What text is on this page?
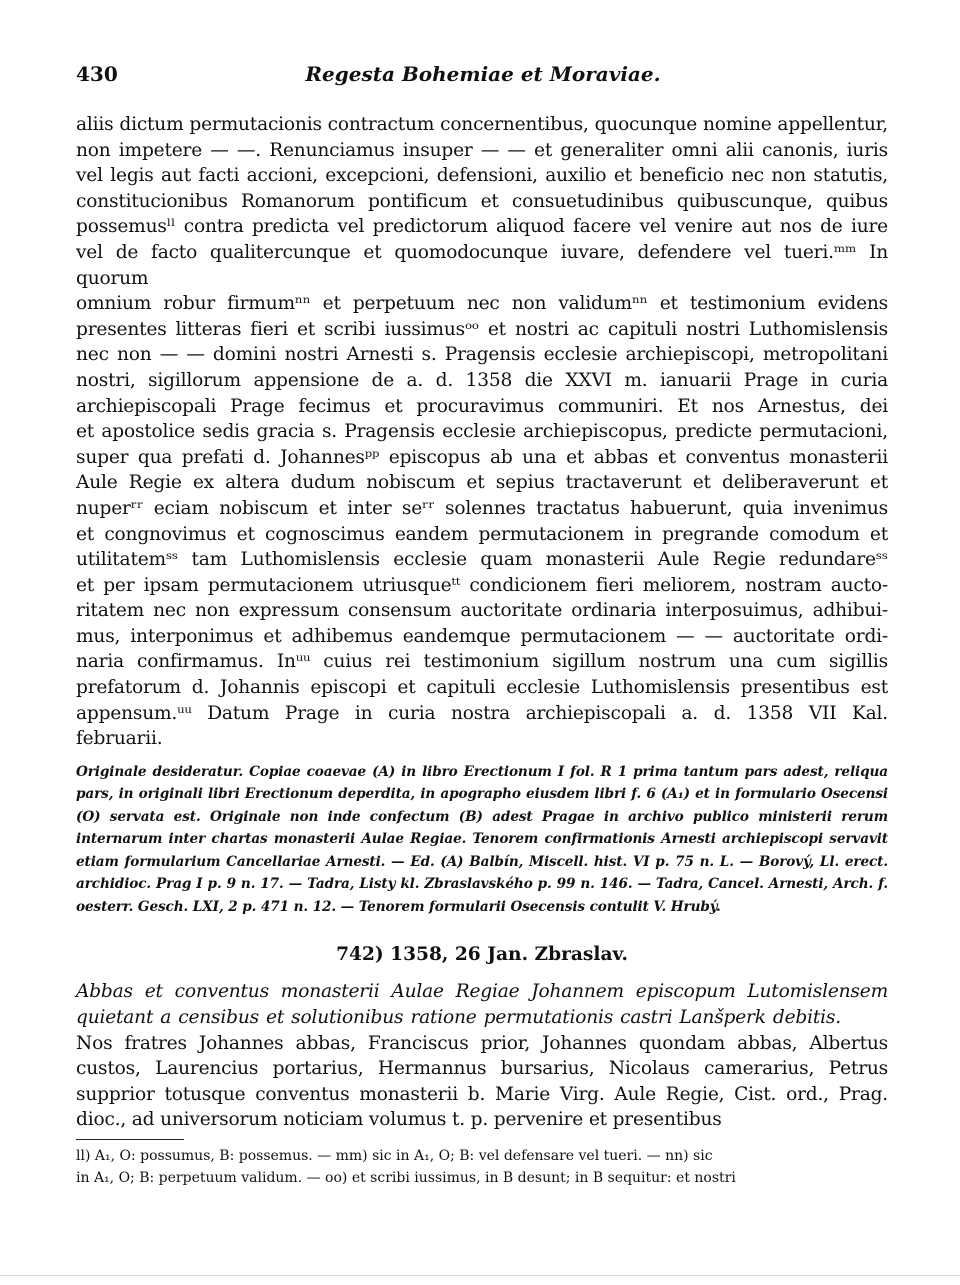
430	Regesta Bohemiae et Moraviae.

aliis dictum permutacionis contractum concernentibus, quocunque nomine appellentur,
non impetere — —. Renunciamus insuper — — et generaliter omni alii canonis, iuris
vel legis aut facti accioni, excepcioni, defensioni, auxilio et beneficio nec non statutis,
constitucionibus Romanorum pontificum et consuetudinibus quibuscunque, quibus
possemusˡˡ contra predicta vel predictorum aliquod facere vel venire aut nos de iure
vel de facto qualitercunque et quomodocunque iuvare, defendere vel tueri.ᵐᵐ In quorum
omnium robur firmumⁿⁿ et perpetuum nec non validumⁿⁿ et testimonium evidens
presentes litteras fieri et scribi iussimusᵒᵒ et nostri ac capituli nostri Luthomislensis
nec non — — domini nostri Arnesti s. Pragensis ecclesie archiepiscopi, metropolitani
nostri, sigillorum appensione de a. d. 1358 die XXVI m. ianuarii Prage in curia
archiepiscopali Prage fecimus et procuravimus communiri. Et nos Arnestus, dei
et apostolice sedis gracia s. Pragensis ecclesie archiepiscopus, predicte permutacioni,
super qua prefati d. Johannesᵖᵖ episcopus ab una et abbas et conventus monasterii
Aule Regie ex altera dudum nobiscum et sepius tractaverunt et deliberaverunt et
nuperʳʳ eciam nobiscum et inter seʳʳ solennes tractatus habuerunt, quia invenimus
et congnovimus et cognoscimus eandem permutacionem in pregrande comodum et
utilitatemˢˢ tam Luthomislensis ecclesie quam monasterii Aule Regie redundareˢˢ
et per ipsam permutacionem utriusqueᵗᵗ condicionem fieri meliorem, nostram aucto-
ritatem nec non expressum consensum auctoritate ordinaria interposuimus, adhibui-
mus, interponimus et adhibemus eandemque permutacionem — — auctoritate ordi-
naria confirmamus. Inᵘᵘ cuius rei testimonium sigillum nostrum una cum sigillis
prefatorum d. Johannis episcopi et capituli ecclesie Luthomislensis presentibus est
appensum.ᵘᵘ Datum Prage in curia nostra archiepiscopali a. d. 1358 VII Kal.
februarii.

Originale desideratur. Copiae coaevae (A) in libro Erectionum I fol. R 1 prima tantum pars adest, reliqua pars, in originali libri Erectionum deperdita, in apographo eiusdem libri f. 6 (A₁) et in formulario Osecensi (O) servata est. Originale non inde confectum (B) adest Pragae in archivo publico ministerii rerum internarum inter chartas monasterii Aulae Regiae. Tenorem confirmationis Arnesti archiepiscopi servavit etiam formularium Cancellariae Arnesti. — Ed. (A) Balbín, Miscell. hist. VI p. 75 n. L. — Borový, Ll. erect. archidioc. Prag I p. 9 n. 17. — Tadra, Listy kl. Zbraslavského p. 99 n. 146. — Tadra, Cancel. Arnesti, Arch. f. oesterr. Gesch. LXI, 2 p. 471 n. 12. — Tenorem formularii Osecensis contulit V. Hrubý.

742) 1358, 26 Jan. Zbraslav.

Abbas et conventus monasterii Aulae Regiae Johannem episcopum Lutomislensem quietant a censibus et solutionibus ratione permutationis castri Lanšperk debitis.  Nos fratres Johannes abbas, Franciscus prior, Johannes quondam abbas, Albertus custos, Laurencius portarius, Hermannus bursarius, Nicolaus camerarius, Petrus supprior totusque conventus monasterii b. Marie Virg. Aule Regie, Cist. ord., Prag. dioc., ad universorum noticiam volumus t. p. pervenire et presentibus

ll) A₁, O: possumus, B: possemus. — mm) sic in A₁, O; B: vel defensare vel tueri. — nn) sic

in A₁, O; B: perpetuum validum. — oo) et scribi iussimus, in B desunt; in B sequitur: et nostri
